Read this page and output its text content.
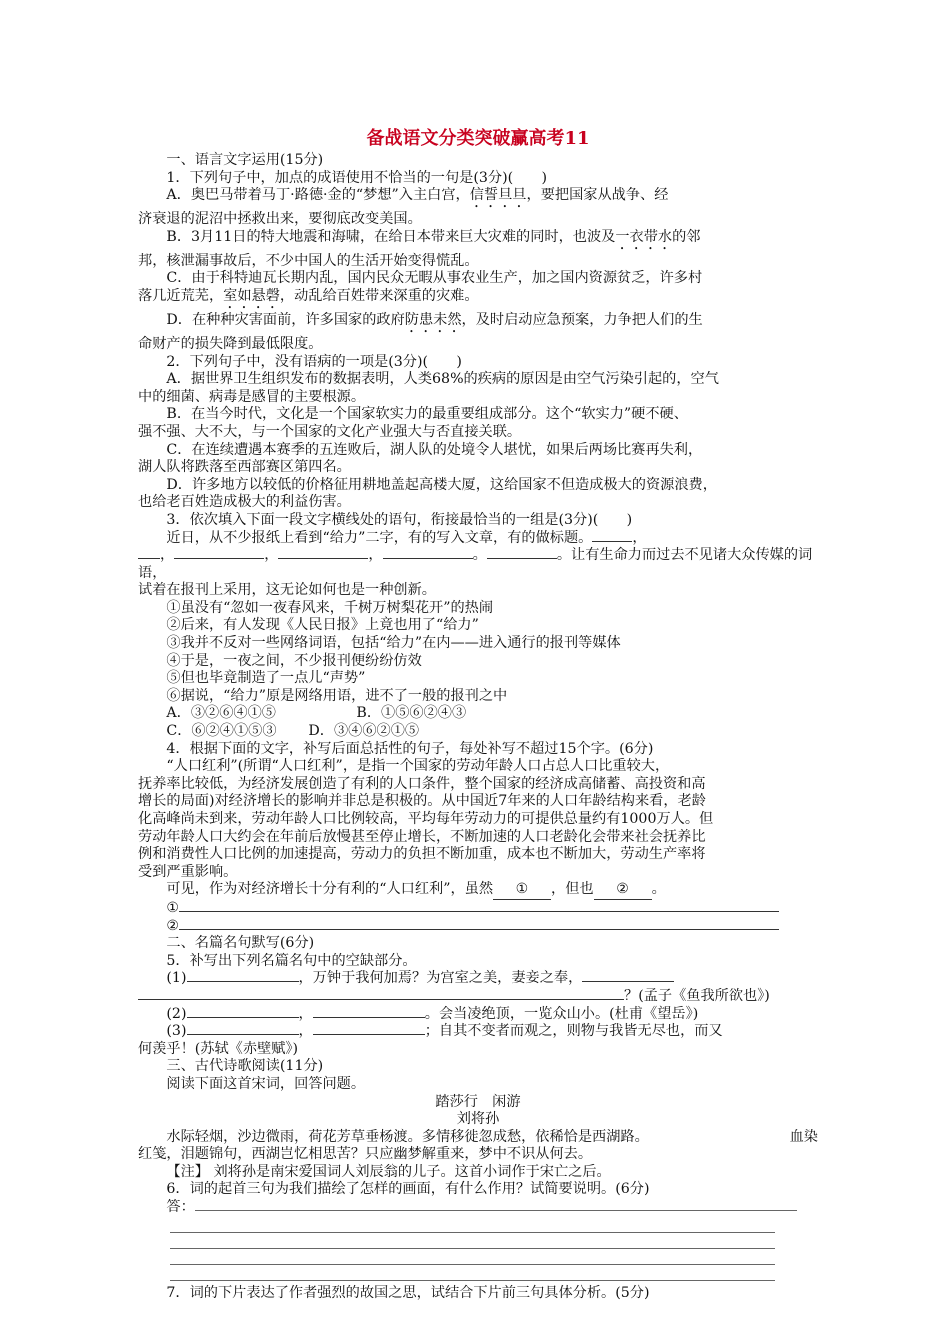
备战语文分类突破赢高考11

一、语言文字运用(15分)

1．下列句子中，加点的成语使用不恰当的一句是(3分)(　　)

A．奥巴马带着马丁·路德·金的“梦想”入主白宫，信誓旦旦，要把国家从战争、经

济衰退的泥沼中拯救出来，要彻底改变美国。

B．3月11日的特大地震和海啸，在给日本带来巨大灾难的同时，也波及一衣带水的邻

邦，核泄漏事故后，不少中国人的生活开始变得慌乱。

C．由于科特迪瓦长期内乱，国内民众无暇从事农业生产，加之国内资源贫乏，许多村

落几近荒芜，室如悬磬，动乱给百姓带来深重的灾难。

D．在种种灾害面前，许多国家的政府防患未然，及时启动应急预案，力争把人们的生

命财产的损失降到最低限度。

2．下列句子中，没有语病的一项是(3分)(　　)

A．据世界卫生组织发布的数据表明，人类68%的疾病的原因是由空气污染引起的，空气

中的细菌、病毒是感冒的主要根源。

B．在当今时代，文化是一个国家软实力的最重要组成部分。这个“软实力”硬不硬、

强不强、大不大，与一个国家的文化产业强大与否直接关联。

C．在连续遭遇本赛季的五连败后，湖人队的处境令人堪忧，如果后两场比赛再失利，

湖人队将跌落至西部赛区第四名。

D．许多地方以较低的价格征用耕地盖起高楼大厦，这给国家不但造成极大的资源浪费，

也给老百姓造成极大的利益伤害。

3．依次填入下面一段文字横线处的语句，衔接最恰当的一组是(3分)(　　)

近日，从不少报纸上看到“给力”二字，有的写入文章，有的做标题。	，

，	，	，	。	。让有生命力而过去不见诸大众传媒的词语，

试着在报刊上采用，这无论如何也是一种创新。

①虽没有“忽如一夜春风来，千树万树梨花开”的热闹

②后来，有人发现《人民日报》上竟也用了“给力”

③我并不反对一些网络词语，包括“给力”在内——进入通行的报刊等媒体

④于是，一夜之间，不少报刊便纷纷仿效

⑤但也毕竟制造了一点儿“声势”

⑥据说，“给力”原是网络用语，进不了一般的报刊之中

A．③②⑥④①⑤	B．①⑤⑥②④③

C．⑥②④①⑤③ D．③④⑥②①⑤

4．根据下面的文字，补写后面总括性的句子，每处补写不超过15个字。(6分)

“人口红利”(所谓“人口红利”，是指一个国家的劳动年龄人口占总人口比重较大，

抚养率比较低，为经济发展创造了有利的人口条件，整个国家的经济成高储蓄、高投资和高

增长的局面)对经济增长的影响并非总是积极的。从中国近7年来的人口年龄结构来看，老龄

化高峰尚未到来，劳动年龄人口比例较高，平均每年劳动力的可提供总量约有1000万人。但

劳动年龄人口大约会在年前后放慢甚至停止增长，不断加速的人口老龄化会带来社会抚养比

例和消费性人口比例的加速提高，劳动力的负担不断加重，成本也不断加大，劳动生产率将

受到严重影响。

可见，作为对经济增长十分有利的“人口红利”，虽然 ① ，但也 ② 。

①

②

二、名篇名句默写(6分)

5．补写出下列名篇名句中的空缺部分。

(1)	，万钟于我何加焉？为宫室之美，妻妾之奉，

？(孟子《鱼我所欲也》)

(2)	，	。会当凌绝顶，一览众山小。(杜甫《望岳》)

(3)	，	；自其不变者而观之，则物与我皆无尽也，而又

何羡乎！(苏轼《赤壁赋》)

三、古代诗歌阅读(11分)

阅读下面这首宋词，回答问题。

踏莎行　闲游

刘将孙

水际轻烟，沙边微雨，荷花芳草垂杨渡。多情移徙忽成愁，依稀恰是西湖路。	血染

红笺，泪题锦句，西湖岂忆相思苦？只应幽梦解重来，梦中不识从何去。

【注】 刘将孙是南宋爱国词人刘辰翁的儿子。这首小词作于宋亡之后。

6．词的起首三句为我们描绘了怎样的画面，有什么作用？试简要说明。(6分)

答：

7．词的下片表达了作者强烈的故国之思，试结合下片前三句具体分析。(5分)
